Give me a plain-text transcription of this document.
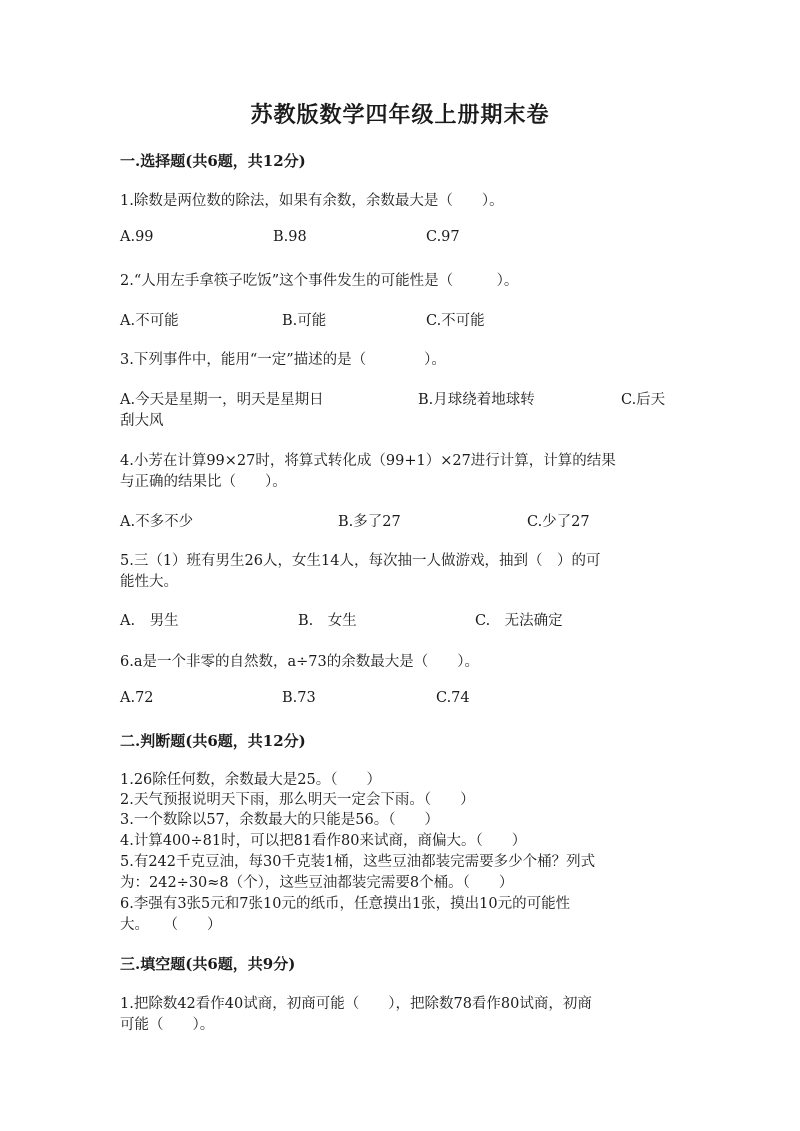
苏教版数学四年级上册期末卷
一.选择题(共6题，共12分)
1.除数是两位数的除法，如果有余数，余数最大是（　　）。
A.99	B.98	C.97
2.“人用左手拿筷子吃饭”这个事件发生的可能性是（　　　）。
A.不可能	B.可能	C.不可能
3.下列事件中，能用“一定”描述的是（　　　　）。
A.今天是星期一，明天是星期日	B.月球绕着地球转	C.后天
刮大风
4.小芳在计算99×27时，将算式转化成（99+1）×27进行计算，计算的结果
与正确的结果比（　　）。
A.不多不少	B.多了27	C.少了27
5.三（1）班有男生26人，女生14人，每次抽一人做游戏，抽到（　）的可
能性大。
A.　男生	B.　女生	C.　无法确定
6.a是一个非零的自然数，a÷73的余数最大是（　　）。
A.72	B.73	C.74
二.判断题(共6题，共12分)
1.26除任何数，余数最大是25。（　　）
2.天气预报说明天下雨，那么明天一定会下雨。（　　）
3.一个数除以57，余数最大的只能是56。（　　）
4.计算400÷81时，可以把81看作80来试商，商偏大。（　　）
5.有242千克豆油，每30千克装1桶，这些豆油都装完需要多少个桶？列式
为：242÷30≈8（个），这些豆油都装完需要8个桶。（　　）
6.李强有3张5元和7张10元的纸币，任意摸出1张，摸出10元的可能性
大。　　（　　）
三.填空题(共6题，共9分)
1.把除数42看作40试商，初商可能（　　），把除数78看作80试商，初商
可能（　　）。
